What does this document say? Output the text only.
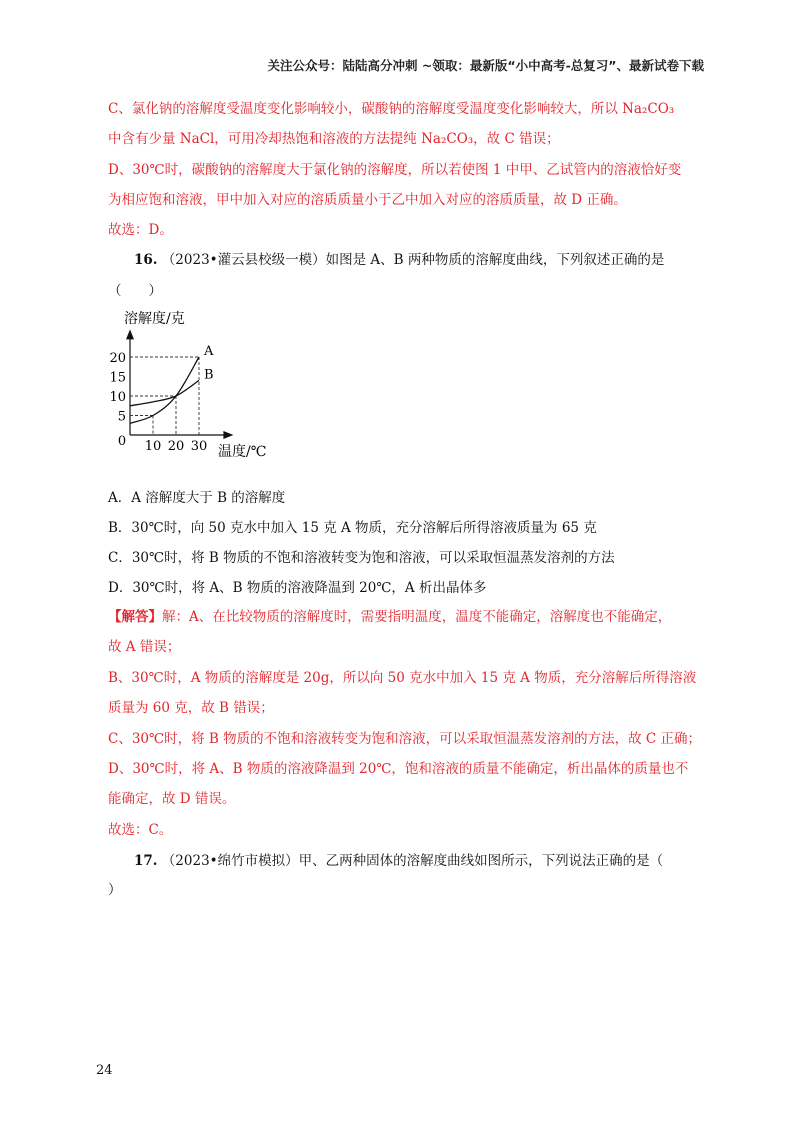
关注公众号：陆陆高分冲刺 ~领取：最新版“小中高考-总复习”、最新试卷下载
C、氯化钠的溶解度受温度变化影响较小，碳酸钠的溶解度受温度变化影响较大，所以 Na₂CO₃
中含有少量 NaCl，可用冷却热饱和溶液的方法提纯 Na₂CO₃，故 C 错误；
D、30℃时，碳酸钠的溶解度大于氯化钠的溶解度，所以若使图 1 中甲、乙试管内的溶液恰好变
为相应饱和溶液，甲中加入对应的溶质质量小于乙中加入对应的溶质质量，故 D 正确。
故选：D。
16. （2023•灌云县校级一模）如图是 A、B 两种物质的溶解度曲线，下列叙述正确的是
（　　）
溶解度/克
温度/℃
0 10 20 30
5
10
15
20	A
B
A．A 溶解度大于 B 的溶解度
B．30℃时，向 50 克水中加入 15 克 A 物质，充分溶解后所得溶液质量为 65 克
C．30℃时，将 B 物质的不饱和溶液转变为饱和溶液，可以采取恒温蒸发溶剂的方法
D．30℃时，将 A、B 物质的溶液降温到 20℃，A 析出晶体多
【解答】解：A、在比较物质的溶解度时，需要指明温度，温度不能确定，溶解度也不能确定，
故 A 错误；
B、30℃时，A 物质的溶解度是 20g，所以向 50 克水中加入 15 克 A 物质，充分溶解后所得溶液
质量为 60 克，故 B 错误；
C、30℃时，将 B 物质的不饱和溶液转变为饱和溶液，可以采取恒温蒸发溶剂的方法，故 C 正确；
D、30℃时，将 A、B 物质的溶液降温到 20℃，饱和溶液的质量不能确定，析出晶体的质量也不
能确定，故 D 错误。
故选：C。
17. （2023•绵竹市模拟）甲、乙两种固体的溶解度曲线如图所示，下列说法正确的是（
）
24
